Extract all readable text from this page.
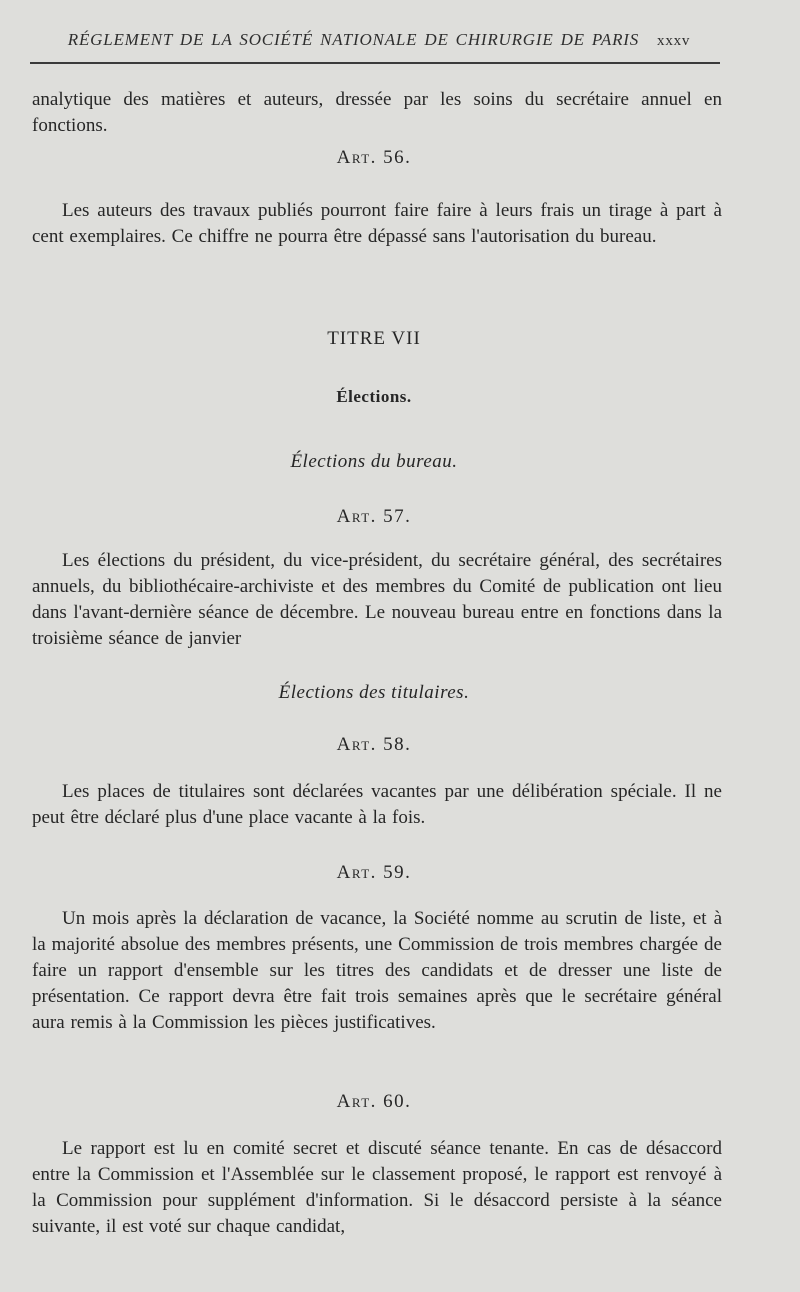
RÉGLEMENT DE LA SOCIÉTÉ NATIONALE DE CHIRURGIE DE PARIS xxxv
analytique des matières et auteurs, dressée par les soins du secrétaire annuel en fonctions.
Art. 56.
Les auteurs des travaux publiés pourront faire faire à leurs frais un tirage à part à cent exemplaires. Ce chiffre ne pourra être dépassé sans l'autorisation du bureau.
TITRE VII
Élections.
Élections du bureau.
Art. 57.
Les élections du président, du vice-président, du secrétaire général, des secrétaires annuels, du bibliothécaire-archiviste et des membres du Comité de publication ont lieu dans l'avant-dernière séance de décembre. Le nouveau bureau entre en fonctions dans la troisième séance de janvier
Élections des titulaires.
Art. 58.
Les places de titulaires sont déclarées vacantes par une délibération spéciale. Il ne peut être déclaré plus d'une place vacante à la fois.
Art. 59.
Un mois après la déclaration de vacance, la Société nomme au scrutin de liste, et à la majorité absolue des membres présents, une Commission de trois membres chargée de faire un rapport d'ensemble sur les titres des candidats et de dresser une liste de présentation. Ce rapport devra être fait trois semaines après que le secrétaire général aura remis à la Commission les pièces justificatives.
Art. 60.
Le rapport est lu en comité secret et discuté séance tenante. En cas de désaccord entre la Commission et l'Assemblée sur le classement proposé, le rapport est renvoyé à la Commission pour supplément d'information. Si le désaccord persiste à la séance suivante, il est voté sur chaque candidat,
